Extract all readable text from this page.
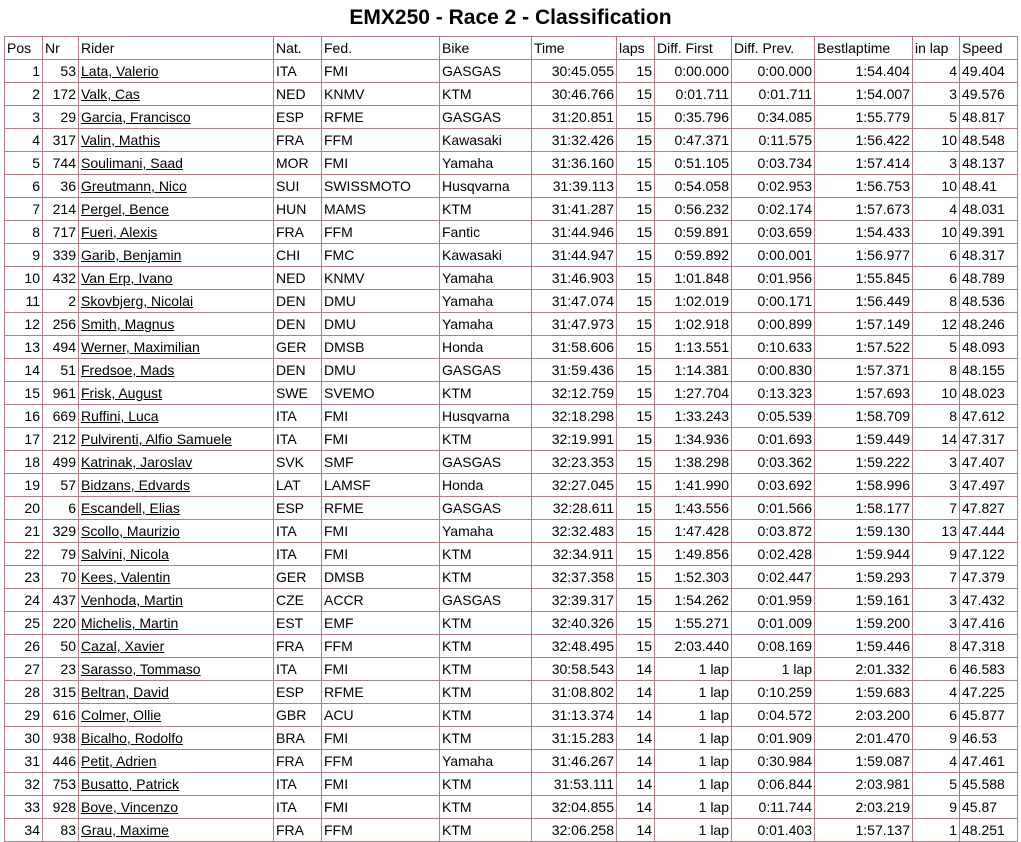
EMX250 - Race 2 - Classification
Pos	Nr	Rider	Nat.	Fed.	Bike	Time	laps	Diff. First	Diff. Prev.	Bestlaptime	in lap	Speed
1	53	Lata, Valerio	ITA	FMI	GASGAS	30:45.055	15	0:00.000	0:00.000	1:54.404	4	49.404
2	172	Valk, Cas	NED	KNMV	KTM	30:46.766	15	0:01.711	0:01.711	1:54.007	3	49.576
3	29	Garcia, Francisco	ESP	RFME	GASGAS	31:20.851	15	0:35.796	0:34.085	1:55.779	5	48.817
4	317	Valin, Mathis	FRA	FFM	Kawasaki	31:32.426	15	0:47.371	0:11.575	1:56.422	10	48.548
5	744	Soulimani, Saad	MOR	FMI	Yamaha	31:36.160	15	0:51.105	0:03.734	1:57.414	3	48.137
6	36	Greutmann, Nico	SUI	SWISSMOTO	Husqvarna	31:39.113	15	0:54.058	0:02.953	1:56.753	10	48.41
7	214	Pergel, Bence	HUN	MAMS	KTM	31:41.287	15	0:56.232	0:02.174	1:57.673	4	48.031
8	717	Fueri, Alexis	FRA	FFM	Fantic	31:44.946	15	0:59.891	0:03.659	1:54.433	10	49.391
9	339	Garib, Benjamin	CHI	FMC	Kawasaki	31:44.947	15	0:59.892	0:00.001	1:56.977	6	48.317
10	432	Van Erp, Ivano	NED	KNMV	Yamaha	31:46.903	15	1:01.848	0:01.956	1:55.845	6	48.789
11	2	Skovbjerg, Nicolai	DEN	DMU	Yamaha	31:47.074	15	1:02.019	0:00.171	1:56.449	8	48.536
12	256	Smith, Magnus	DEN	DMU	Yamaha	31:47.973	15	1:02.918	0:00.899	1:57.149	12	48.246
13	494	Werner, Maximilian	GER	DMSB	Honda	31:58.606	15	1:13.551	0:10.633	1:57.522	5	48.093
14	51	Fredsoe, Mads	DEN	DMU	GASGAS	31:59.436	15	1:14.381	0:00.830	1:57.371	8	48.155
15	961	Frisk, August	SWE	SVEMO	KTM	32:12.759	15	1:27.704	0:13.323	1:57.693	10	48.023
16	669	Ruffini, Luca	ITA	FMI	Husqvarna	32:18.298	15	1:33.243	0:05.539	1:58.709	8	47.612
17	212	Pulvirenti, Alfio Samuele	ITA	FMI	KTM	32:19.991	15	1:34.936	0:01.693	1:59.449	14	47.317
18	499	Katrinak, Jaroslav	SVK	SMF	GASGAS	32:23.353	15	1:38.298	0:03.362	1:59.222	3	47.407
19	57	Bidzans, Edvards	LAT	LAMSF	Honda	32:27.045	15	1:41.990	0:03.692	1:58.996	3	47.497
20	6	Escandell, Elias	ESP	RFME	GASGAS	32:28.611	15	1:43.556	0:01.566	1:58.177	7	47.827
21	329	Scollo, Maurizio	ITA	FMI	Yamaha	32:32.483	15	1:47.428	0:03.872	1:59.130	13	47.444
22	79	Salvini, Nicola	ITA	FMI	KTM	32:34.911	15	1:49.856	0:02.428	1:59.944	9	47.122
23	70	Kees, Valentin	GER	DMSB	KTM	32:37.358	15	1:52.303	0:02.447	1:59.293	7	47.379
24	437	Venhoda, Martin	CZE	ACCR	GASGAS	32:39.317	15	1:54.262	0:01.959	1:59.161	3	47.432
25	220	Michelis, Martin	EST	EMF	KTM	32:40.326	15	1:55.271	0:01.009	1:59.200	3	47.416
26	50	Cazal, Xavier	FRA	FFM	KTM	32:48.495	15	2:03.440	0:08.169	1:59.446	8	47.318
27	23	Sarasso, Tommaso	ITA	FMI	KTM	30:58.543	14	1 lap	1 lap	2:01.332	6	46.583
28	315	Beltran, David	ESP	RFME	KTM	31:08.802	14	1 lap	0:10.259	1:59.683	4	47.225
29	616	Colmer, Ollie	GBR	ACU	KTM	31:13.374	14	1 lap	0:04.572	2:03.200	6	45.877
30	938	Bicalho, Rodolfo	BRA	FMI	KTM	31:15.283	14	1 lap	0:01.909	2:01.470	9	46.53
31	446	Petit, Adrien	FRA	FFM	Yamaha	31:46.267	14	1 lap	0:30.984	1:59.087	4	47.461
32	753	Busatto, Patrick	ITA	FMI	KTM	31:53.111	14	1 lap	0:06.844	2:03.981	5	45.588
33	928	Bove, Vincenzo	ITA	FMI	KTM	32:04.855	14	1 lap	0:11.744	2:03.219	9	45.87
34	83	Grau, Maxime	FRA	FFM	KTM	32:06.258	14	1 lap	0:01.403	1:57.137	1	48.251
